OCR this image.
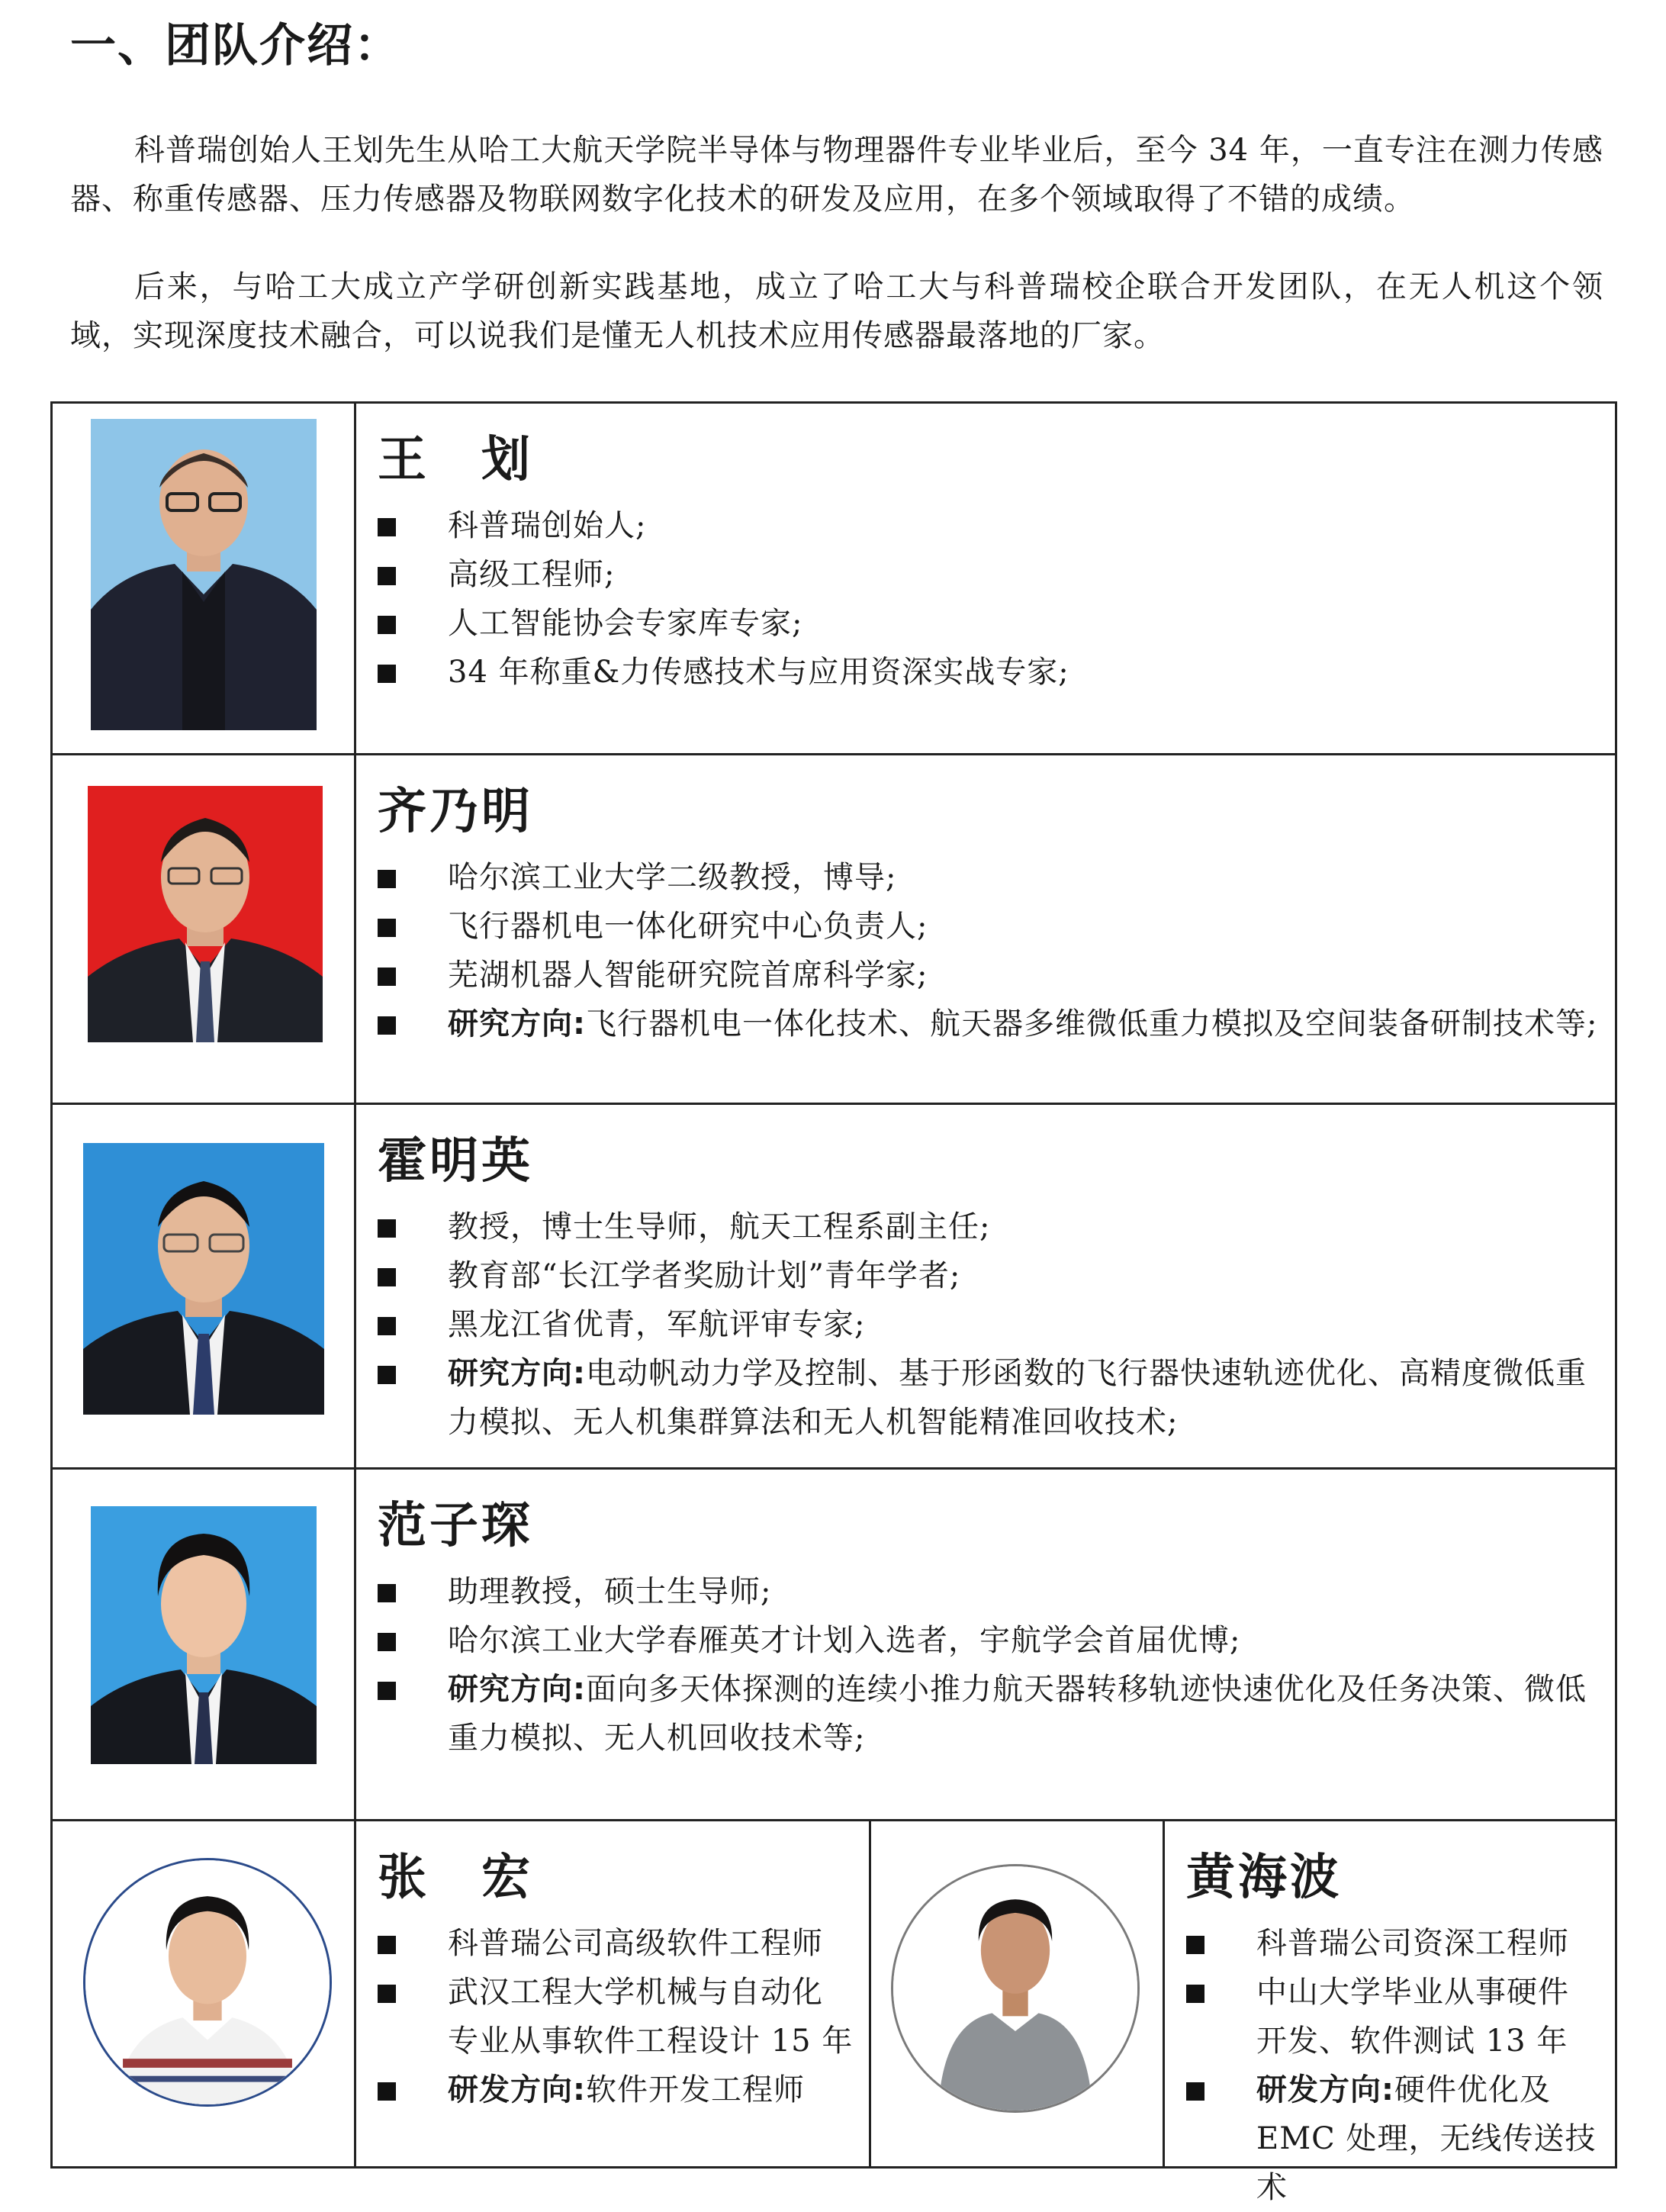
一、团队介绍：
科普瑞创始人王划先生从哈工大航天学院半导体与物理器件专业毕业后，至今 34 年，一直专注在测力传感器、称重传感器、压力传感器及物联网数字化技术的研发及应用，在多个领域取得了不错的成绩。
后来，与哈工大成立产学研创新实践基地，成立了哈工大与科普瑞校企联合开发团队，在无人机这个领域，实现深度技术融合，可以说我们是懂无人机技术应用传感器最落地的厂家。
王　划
科普瑞创始人;
高级工程师;
人工智能协会专家库专家;
34 年称重&力传感技术与应用资深实战专家;
齐乃明
哈尔滨工业大学二级教授，博导;
飞行器机电一体化研究中心负责人;
芜湖机器人智能研究院首席科学家;
研究方向:飞行器机电一体化技术、航天器多维微低重力模拟及空间装备研制技术等;
霍明英
教授，博士生导师，航天工程系副主任;
教育部“长江学者奖励计划”青年学者;
黑龙江省优青，军航评审专家;
研究方向:电动帆动力学及控制、基于形函数的飞行器快速轨迹优化、高精度微低重力模拟、无人机集群算法和无人机智能精准回收技术;
范子琛
助理教授，硕士生导师;
哈尔滨工业大学春雁英才计划入选者，宇航学会首届优博;
研究方向:面向多天体探测的连续小推力航天器转移轨迹快速优化及任务决策、微低重力模拟、无人机回收技术等;
张　宏
科普瑞公司高级软件工程师
武汉工程大学机械与自动化专业从事软件工程设计 15 年
研发方向:软件开发工程师
黄海波
科普瑞公司资深工程师
中山大学毕业从事硬件开发、软件测试 13 年
研发方向:硬件优化及 EMC 处理，无线传送技术
